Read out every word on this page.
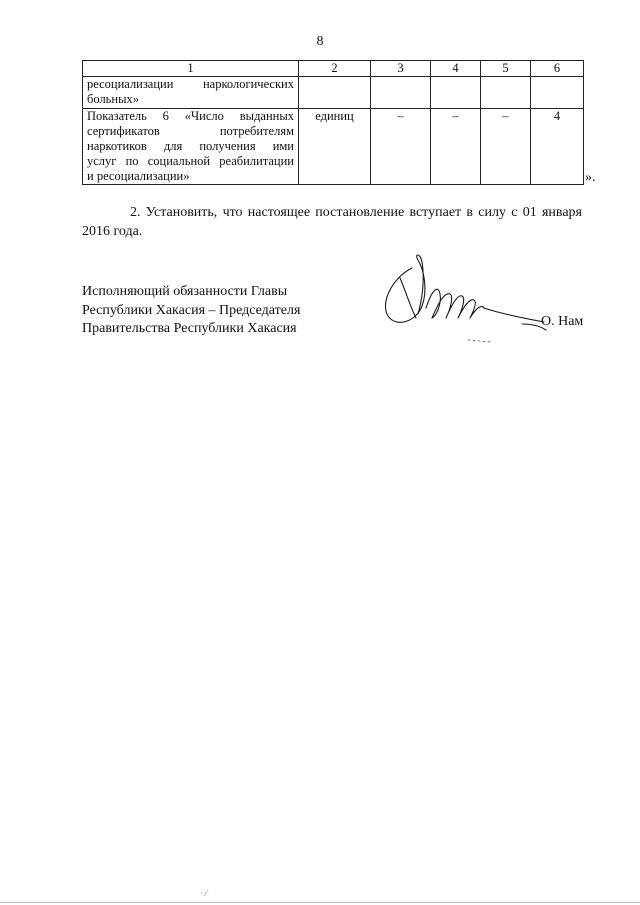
8
1	2	3	4	5	6

ресоциализации наркологических
больных»					

Показатель 6 «Число выданных
сертификатов потребителям
наркотиков для получения ими
услуг по социальной реабилитации
и ресоциализации»	единиц	–	–	–	4
».
2. Установить, что настоящее постановление вступает в силу с 01 января 2016 года.
Исполняющий обязанности Главы
Республики Хакасия – Председателя
Правительства Республики Хакасия	О. Нам
· ⁄
